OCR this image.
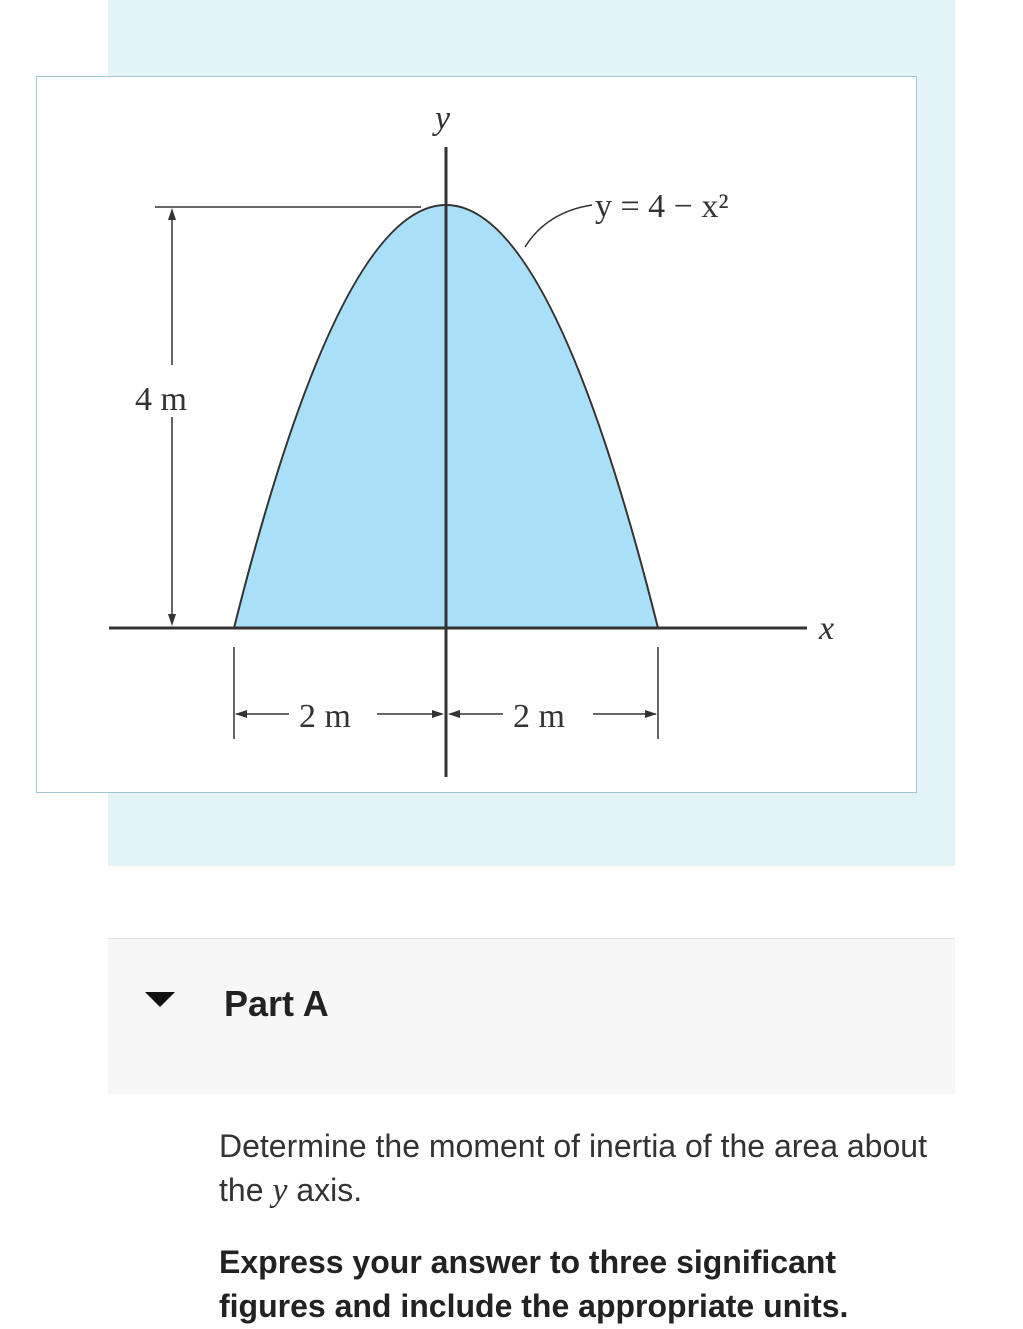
y
x
y = 4 − x²
4 m
2 m	2 m
Part A
Determine the moment of inertia of the area about the y axis.
Express your answer to three significant figures and include the appropriate units.
